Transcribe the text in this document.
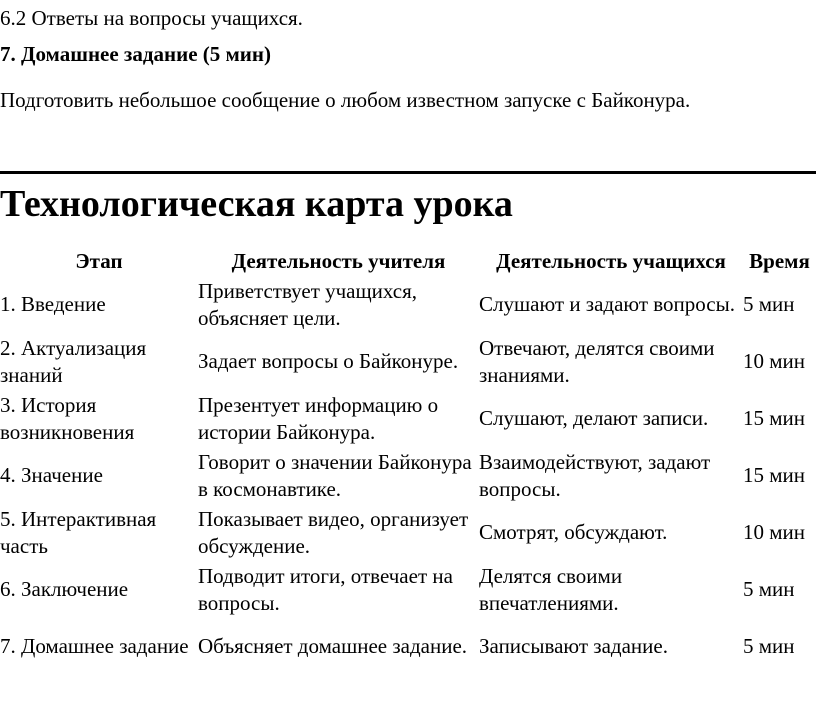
6.2 Ответы на вопросы учащихся.
7. Домашнее задание (5 мин)
Подготовить небольшое сообщение о любом известном запуске с Байконура.
Технологическая карта урока
Этап	Деятельность учителя	Деятельность учащихся	Время
1. Введение	Приветствует учащихся, объясняет цели.	Слушают и задают вопросы.	5 мин
2. Актуализация знаний	Задает вопросы о Байконуре.	Отвечают, делятся своими знаниями.	10 мин
3. История возникновения	Презентует информацию о истории Байконура.	Слушают, делают записи.	15 мин
4. Значение	Говорит о значении Байконура в космонавтике.	Взаимодействуют, задают вопросы.	15 мин
5. Интерактивная часть	Показывает видео, организует обсуждение.	Смотрят, обсуждают.	10 мин
6. Заключение	Подводит итоги, отвечает на вопросы.	Делятся своими впечатлениями.	5 мин
7. Домашнее задание	Объясняет домашнее задание.	Записывают задание.	5 мин
